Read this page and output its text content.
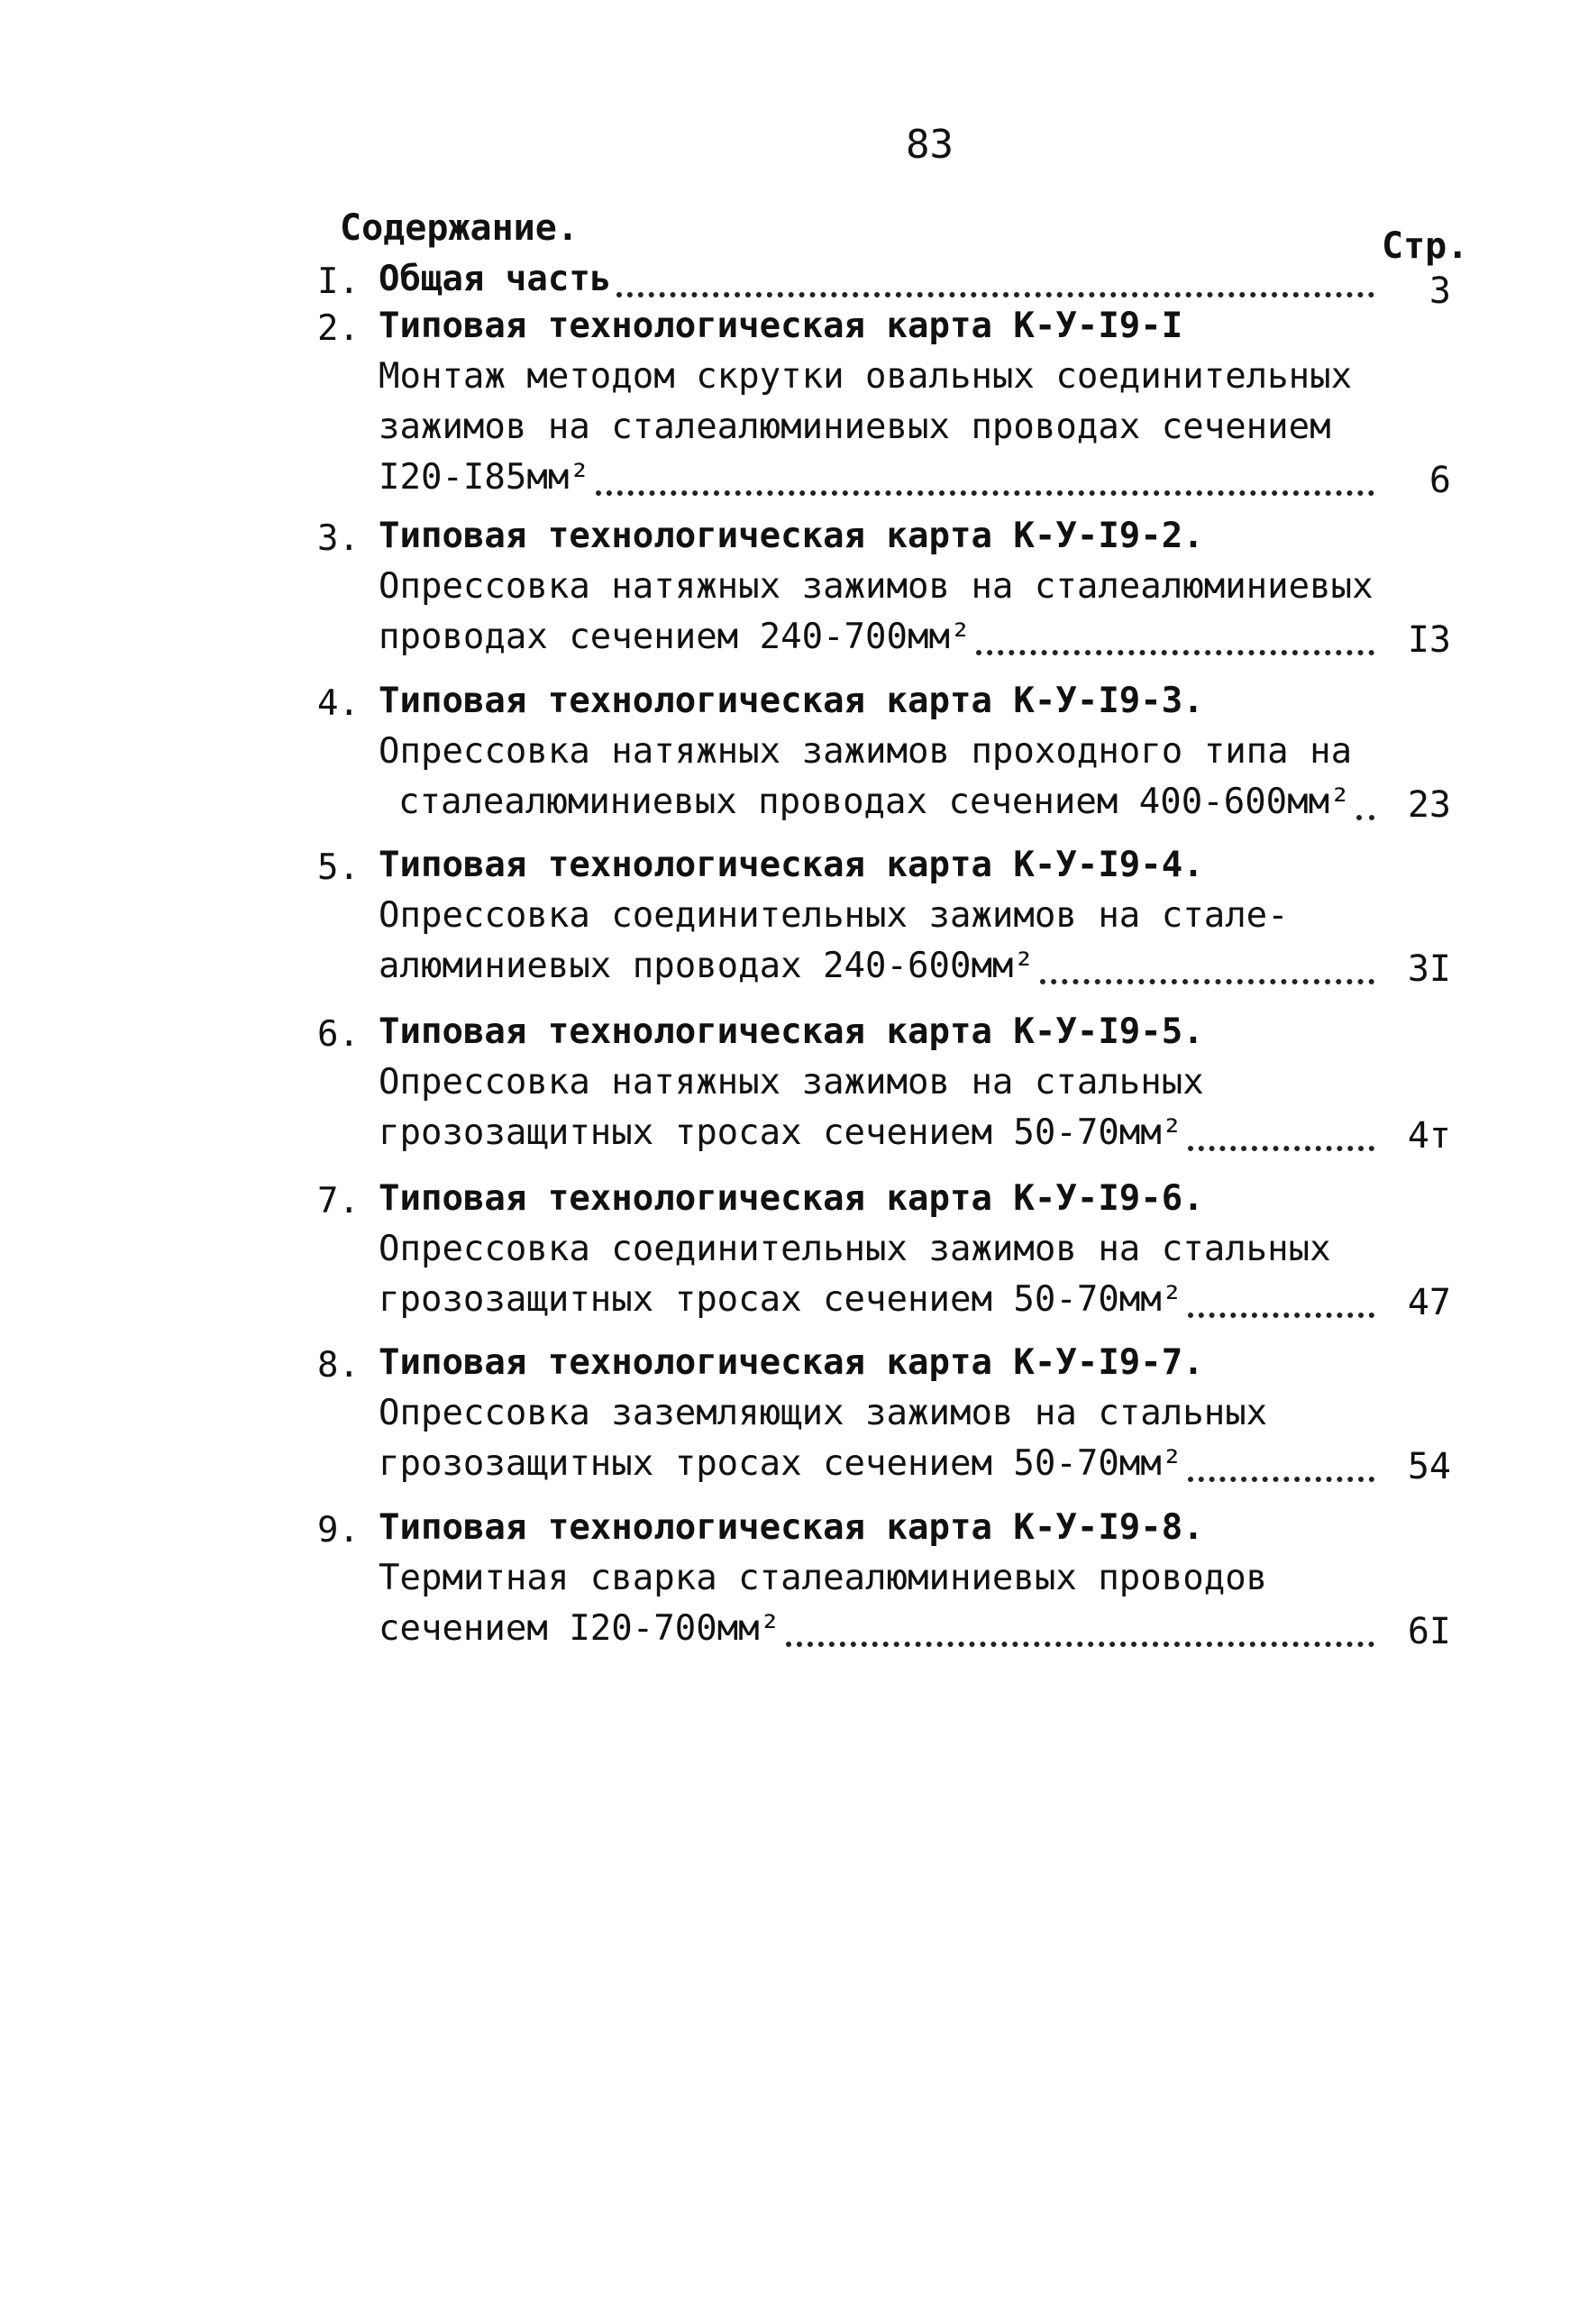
83
Содержание.	Стр.
I. Общая часть	3
2. Типовая технологическая карта К-У-I9-I
Монтаж методом скрутки овальных соединительных
зажимов на сталеалюминиевых проводах сечением
I20-I85мм²	6
3. Типовая технологическая карта К-У-I9-2.
Опрессовка натяжных зажимов на сталеалюминиевых
проводах сечением 240-700мм²	I3
4. Типовая технологическая карта К-У-I9-3.
Опрессовка натяжных зажимов проходного типа на
сталеалюминиевых проводах сечением 400-600мм²	23
5. Типовая технологическая карта К-У-I9-4.
Опрессовка соединительных зажимов на стале-
алюминиевых проводах 240-600мм²	3I
6. Типовая технологическая карта К-У-I9-5.
Опрессовка натяжных зажимов на стальных
грозозащитных тросах сечением 50-70мм²	4т
7. Типовая технологическая карта К-У-I9-6.
Опрессовка соединительных зажимов на стальных
грозозащитных тросах сечением 50-70мм²	47
8. Типовая технологическая карта К-У-I9-7.
Опрессовка заземляющих зажимов на стальных
грозозащитных тросах сечением 50-70мм²	54
9. Типовая технологическая карта К-У-I9-8.
Термитная сварка сталеалюминиевых проводов
сечением I20-700мм²	6I
